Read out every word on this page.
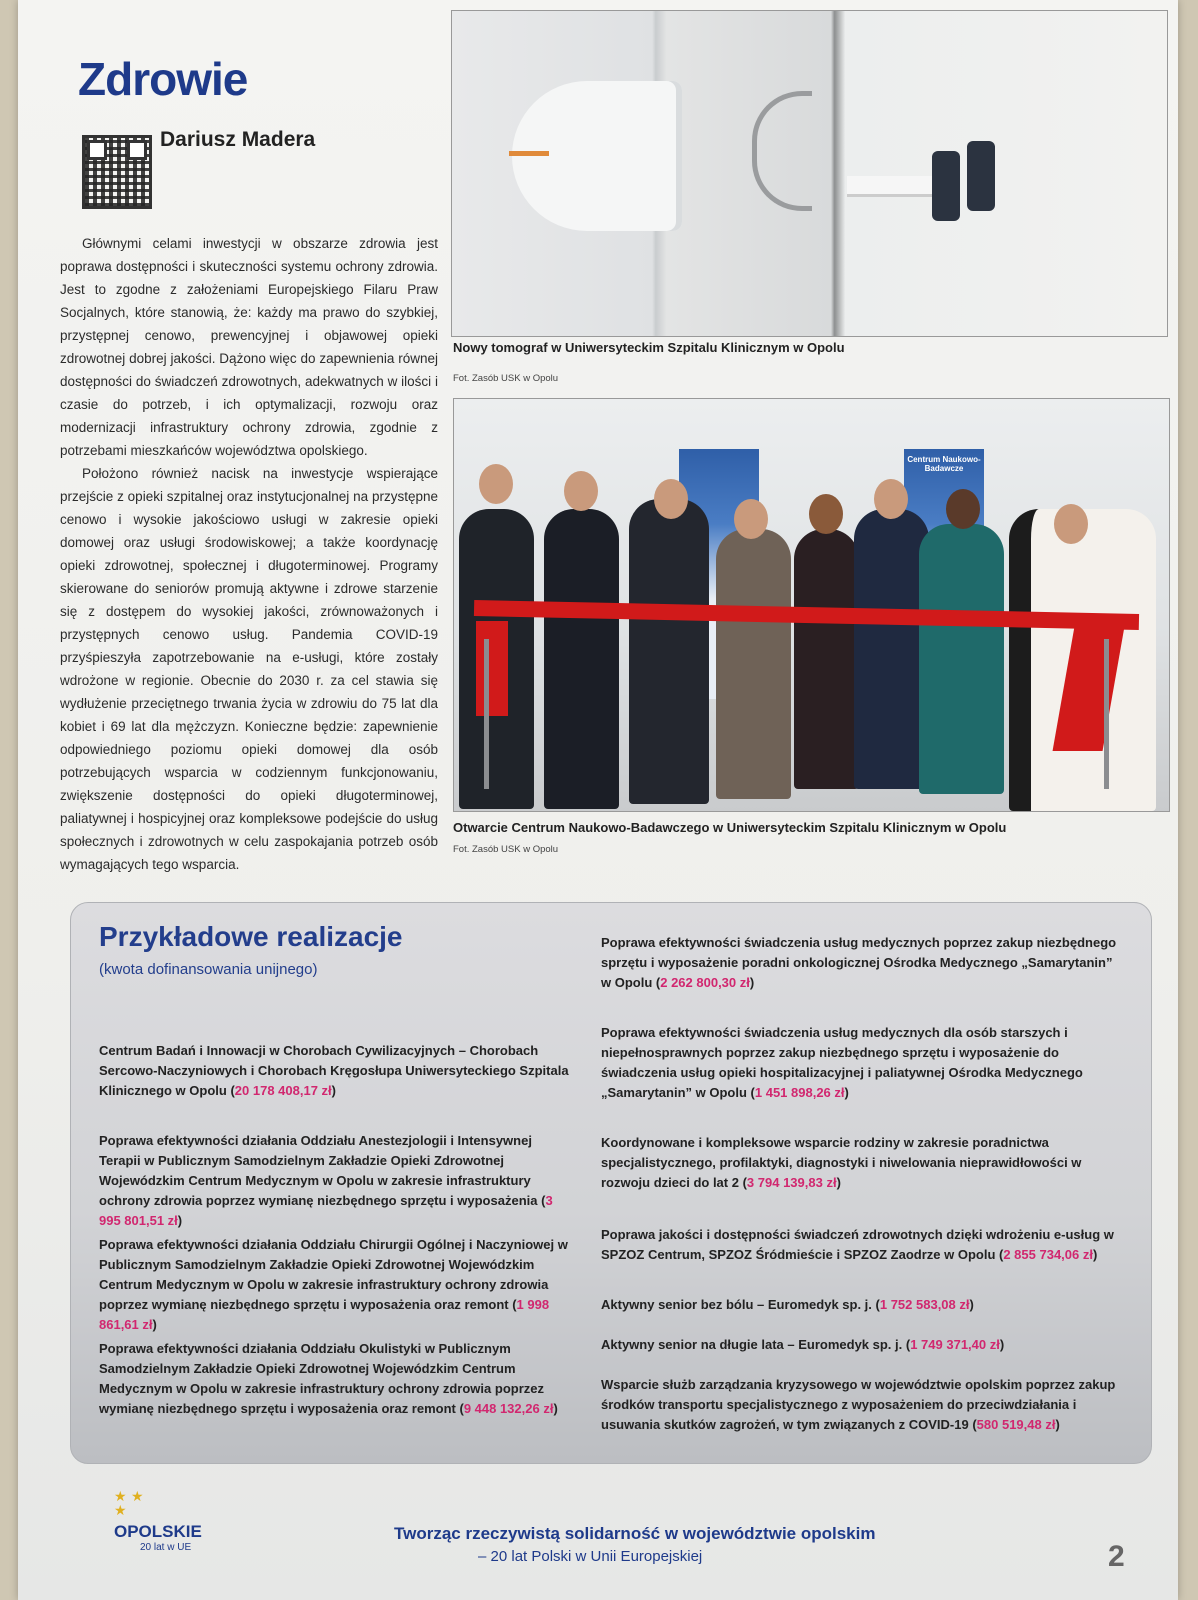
Zdrowie
Dariusz Madera

Głównymi celami inwestycji w obszarze zdrowia jest poprawa dostępności i skuteczności systemu ochrony zdrowia. Jest to zgodne z założeniami Europejskiego Filaru Praw Socjalnych, które stanowią, że: każdy ma prawo do szybkiej, przystępnej cenowo, prewencyjnej i objawowej opieki zdrowotnej dobrej jakości. Dążono więc do zapewnienia równej dostępności do świadczeń zdrowotnych, adekwatnych w ilości i czasie do potrzeb, i ich optymalizacji, rozwoju oraz modernizacji infrastruktury ochrony zdrowia, zgodnie z potrzebami mieszkańców województwa opolskiego.

Położono również nacisk na inwestycje wspierające przejście z opieki szpitalnej oraz instytucjonalnej na przystępne cenowo i wysokie jakościowo usługi w zakresie opieki domowej oraz usługi środowiskowej; a także koordynację opieki zdrowotnej, społecznej i długoterminowej. Programy skierowane do seniorów promują aktywne i zdrowe starzenie się z dostępem do wysokiej jakości, zrównoważonych i przystępnych cenowo usług. Pandemia COVID-19 przyśpieszyła zapotrzebowanie na e-usługi, które zostały wdrożone w regionie. Obecnie do 2030 r. za cel stawia się wydłużenie przeciętnego trwania życia w zdrowiu do 75 lat dla kobiet i 69 lat dla mężczyzn. Konieczne będzie: zapewnienie odpowiedniego poziomu opieki domowej dla osób potrzebujących wsparcia w codziennym funkcjonowaniu, zwiększenie dostępności do opieki długoterminowej, paliatywnej i hospicyjnej oraz kompleksowe podejście do usług społecznych i zdrowotnych w celu zaspokajania potrzeb osób wymagających tego wsparcia.

Nowy tomograf w Uniwersyteckim Szpitalu Klinicznym w Opolu
Fot. Zasób USK w Opolu
Centrum Naukowo-Badawcze
Otwarcie Centrum Naukowo-Badawczego w Uniwersyteckim Szpitalu Klinicznym w Opolu
Fot. Zasób USK w Opolu
Przykładowe realizacje
(kwota dofinansowania unijnego)
Centrum Badań i Innowacji w Chorobach Cywilizacyjnych – Chorobach Sercowo-Naczyniowych i Chorobach Kręgosłupa Uniwersyteckiego Szpitala Klinicznego w Opolu (20 178 408,17 zł)
Poprawa efektywności działania Oddziału Anestezjologii i Intensywnej Terapii w Publicznym Samodzielnym Zakładzie Opieki Zdrowotnej Wojewódzkim Centrum Medycznym w Opolu w zakresie infrastruktury ochrony zdrowia poprzez wymianę niezbędnego sprzętu i wyposażenia (3 995 801,51 zł)
Poprawa efektywności działania Oddziału Chirurgii Ogólnej i Naczyniowej w Publicznym Samodzielnym Zakładzie Opieki Zdrowotnej Wojewódzkim Centrum Medycznym w Opolu w zakresie infrastruktury ochrony zdrowia poprzez wymianę niezbędnego sprzętu i wyposażenia oraz remont (1 998 861,61 zł)
Poprawa efektywności działania Oddziału Okulistyki w Publicznym Samodzielnym Zakładzie Opieki Zdrowotnej Wojewódzkim Centrum Medycznym w Opolu w zakresie infrastruktury ochrony zdrowia poprzez wymianę niezbędnego sprzętu i wyposażenia oraz remont (9 448 132,26 zł)
Poprawa efektywności świadczenia usług medycznych poprzez zakup niezbędnego sprzętu i wyposażenie poradni onkologicznej Ośrodka Medycznego „Samarytanin” w Opolu (2 262 800,30 zł)
Poprawa efektywności świadczenia usług medycznych dla osób starszych i niepełnosprawnych poprzez zakup niezbędnego sprzętu i wyposażenie do świadczenia usług opieki hospitalizacyjnej i paliatywnej Ośrodka Medycznego „Samarytanin” w Opolu (1 451 898,26 zł)
Koordynowane i kompleksowe wsparcie rodziny w zakresie poradnictwa specjalistycznego, profilaktyki, diagnostyki i niwelowania nieprawidłowości w rozwoju dzieci do lat 2 (3 794 139,83 zł)
Poprawa jakości i dostępności świadczeń zdrowotnych dzięki wdrożeniu e-usług w SPZOZ Centrum, SPZOZ Śródmieście i SPZOZ Zaodrze w Opolu (2 855 734,06 zł)
Aktywny senior bez bólu – Euromedyk sp. j. (1 752 583,08 zł)
Aktywny senior na długie lata – Euromedyk sp. j. (1 749 371,40 zł)
Wsparcie służb zarządzania kryzysowego w województwie opolskim poprzez zakup środków transportu specjalistycznego z wyposażeniem do przeciwdziałania i usuwania skutków zagrożeń, w tym związanych z COVID-19 (580 519,48 zł)
★ ★
★
OPOLSKIE
20 lat w UE
Tworząc rzeczywistą solidarność w województwie opolskim
– 20 lat Polski w Unii Europejskiej	2
